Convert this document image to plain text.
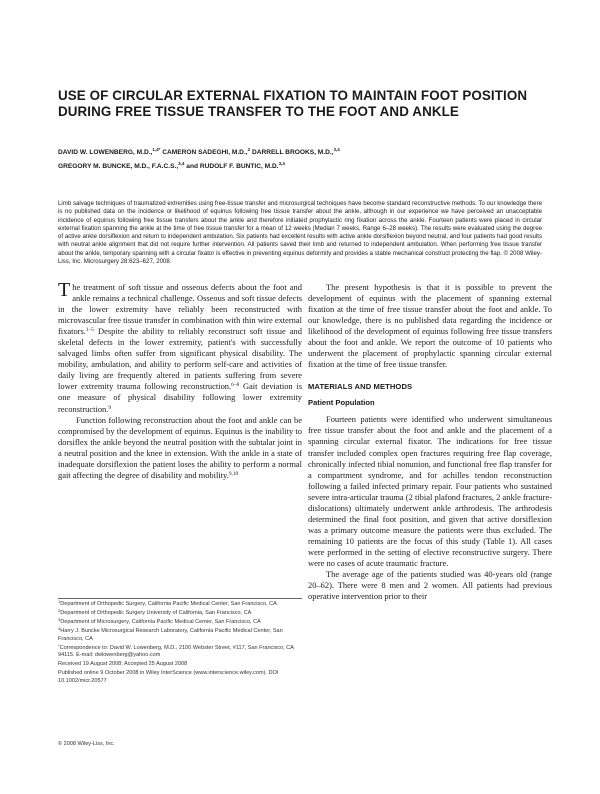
USE OF CIRCULAR EXTERNAL FIXATION TO MAINTAIN FOOT POSITION DURING FREE TISSUE TRANSFER TO THE FOOT AND ANKLE
DAVID W. LOWENBERG, M.D.,$^{1,4*}$ CAMERON SADEGHI, M.D.,$^2$ DARRELL BROOKS, M.D.,$^{3,4}$
GREGORY M. BUNCKE, M.D., F.A.C.S.,$^{3,4}$ and RUDOLF F. BUNTIC, M.D.$^{3,4}$

Limb salvage techniques of traumatized extremities using free-tissue transfer and microsurgical techniques have become standard reconstructive methods. To our knowledge there is no published data on the incidence or likelihood of equinus following free tissue transfer about the ankle, although in our experience we have perceived an unacceptable incidence of equinus following free tissue transfers about the ankle and therefore initiated prophylactic ring fixation across the ankle. Fourteen patients were placed in circular external fixation spanning the ankle at the time of free tissue transfer for a mean of 12 weeks (Median 7 weeks, Range 6–28 weeks). The results were evaluated using the degree of active ankle dorsiflexion and return to independent ambulation. Six patients had excellent results with active ankle dorsiflexion beyond neutral, and four patients had good results with neutral ankle alignment that did not require further intervention. All patients saved their limb and returned to independent ambulation. When performing free tissue transfer about the ankle, temporary spanning with a circular fixator is effective in preventing equinus deformity and provides a stable mechanical construct protecting the flap. © 2008 Wiley-Liss, Inc. Microsurgery 28:623–627, 2008.

The treatment of soft tissue and osseous defects about the foot and ankle remains a technical challenge. Osseous and soft tissue defects in the lower extremity have reliably been reconstructed with microvascular free tissue transfer in combination with thin wire external fixators.$^{1-5}$ Despite the ability to reliably reconstruct soft tissue and skeletal defects in the lower extremity, patient's with successfully salvaged limbs often suffer from significant physical disability. The mobility, ambulation, and ability to perform self-care and activities of daily living are frequently altered in patients suffering from severe lower extremity trauma following reconstruction.$^{6-8}$ Gait deviation is one measure of physical disability following lower extremity reconstruction.$^9$

Function following reconstruction about the foot and ankle can be compromised by the development of equinus. Equinus is the inability to dorsiflex the ankle beyond the neutral position with the subtalar joint in a neutral position and the knee in extension. With the ankle in a state of inadequate dorsiflexion the patient loses the ability to perform a normal gait affecting the degree of disability and mobility.$^{9,10}$

The present hypothesis is that it is possible to prevent the development of equinus with the placement of spanning external fixation at the time of free tissue transfer about the foot and ankle. To our knowledge, there is no published data regarding the incidence or likelihood of the development of equinus following free tissue transfers about the foot and ankle. We report the outcome of 10 patients who underwent the placement of prophylactic spanning circular external fixation at the time of free tissue transfer.

MATERIALS AND METHODS
Patient Population

Fourteen patients were identified who underwent simultaneous free tissue transfer about the foot and ankle and the placement of a spanning circular external fixator. The indications for free tissue transfer included complex open fractures requiring free flap coverage, chronically infected tibial nonunion, and functional free flap transfer for a compartment syndrome, and for achilles tendon reconstruction following a failed infected primary repair. Four patients who sustained severe intra-articular trauma (2 tibial plafond fractures, 2 ankle fracture-dislocations) ultimately underwent ankle arthrodesis. The arthrodesis determined the final foot position, and given that active dorsiflexion was a primary outcome measure the patients were thus excluded. The remaining 10 patients are the focus of this study (Table 1). All cases were performed in the setting of elective reconstructive surgery. There were no cases of acute traumatic fracture.

The average age of the patients studied was 40-years old (range 20–62). There were 8 men and 2 women. All patients had previous operative intervention prior to their

$^1$Department of Orthopedic Surgery, California Pacific Medical Center, San Francisco, CA
$^2$Department of Orthopedic Surgery University of California, San Francisco, CA
$^3$Department of Microsurgery, California Pacific Medical Center, San Francisco, CA
$^4$Harry J. Buncke Microsurgical Research Laboratory, California Pacific Medical Center, San Francisco, CA
*Correspondence to: David W. Lowenberg, M.D., 2100 Webster Street, #117, San Francisco, CA 94115. E-mail: dwlowenberg@yahoo.com
Received 19 August 2008; Accepted 25 August 2008
Published online 9 October 2008 in Wiley InterScience (www.interscience.wiley.com). DOI 10.1002/micr.20577
© 2008 Wiley-Liss, Inc.
